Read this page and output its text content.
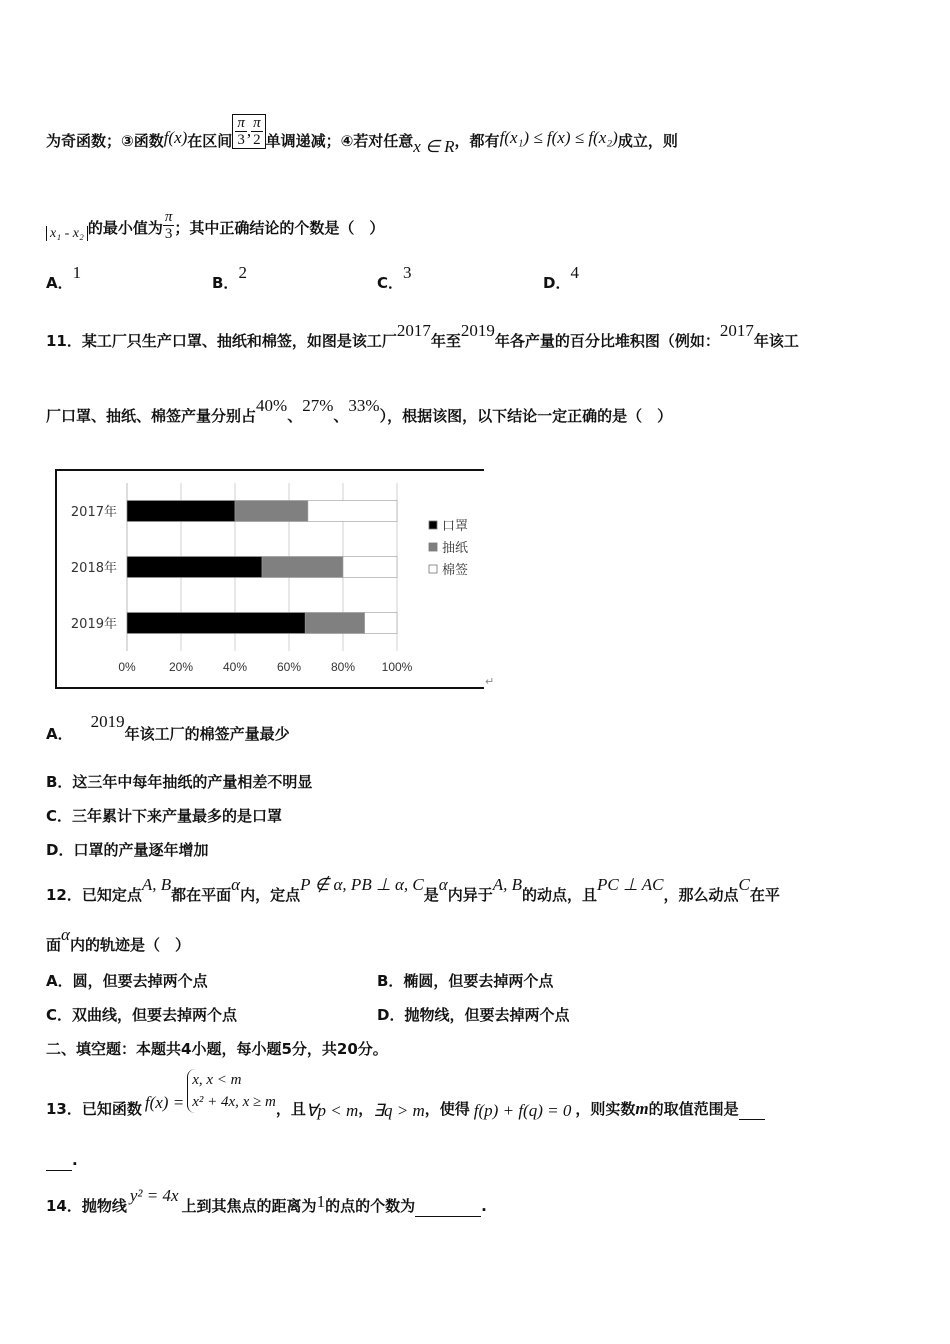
为奇函数；③函数f(x)在区间 $\frac{\pi}{3}$ , $\frac{\pi}{2}$ 单调递减；④若对任意x ∈ R，都有f(x₁) ≤ f(x) ≤ f(x₂)成立，则
x₁ - x₂ 的最小值为 $\frac{\pi}{3}$ ；其中正确结论的个数是（　）
A．1
B．2
C．3
D．4
11．某工厂只生产口罩、抽纸和棉签，如图是该工厂2017年至2019年各产量的百分比堆积图（例如：2017年该工
厂口罩、抽纸、棉签产量分别占40%、27%、33%），根据该图，以下结论一定正确的是（　）
0%	20% 40% 60% 80% 100%
2017年
2018年
2019年
口罩
抽纸
棉签
↵
A．2019年该工厂的棉签产量最少
B．这三年中每年抽纸的产量相差不明显
C．三年累计下来产量最多的是口罩
D．口罩的产量逐年增加
12．已知定点A, B都在平面α内，定点P ∉ α, PB ⊥ α, C是α内异于A, B的动点，且PC ⊥ AC，那么动点C在平
面α内的轨迹是（　）
A．圆，但要去掉两个点	B．椭圆，但要去掉两个点
C．双曲线，但要去掉两个点	D．抛物线，但要去掉两个点
二、填空题：本题共4小题，每小题5分，共20分。
13．已知函数 f(x) =
x, x < m
x² + 4x, x ≥ m ，且∀p < m，∃q > m，使得 f(p) + f(q) = 0 ，则实数m的取值范围是
.
14．抛物线y² = 4x上到其焦点的距离为1的点的个数为	.
